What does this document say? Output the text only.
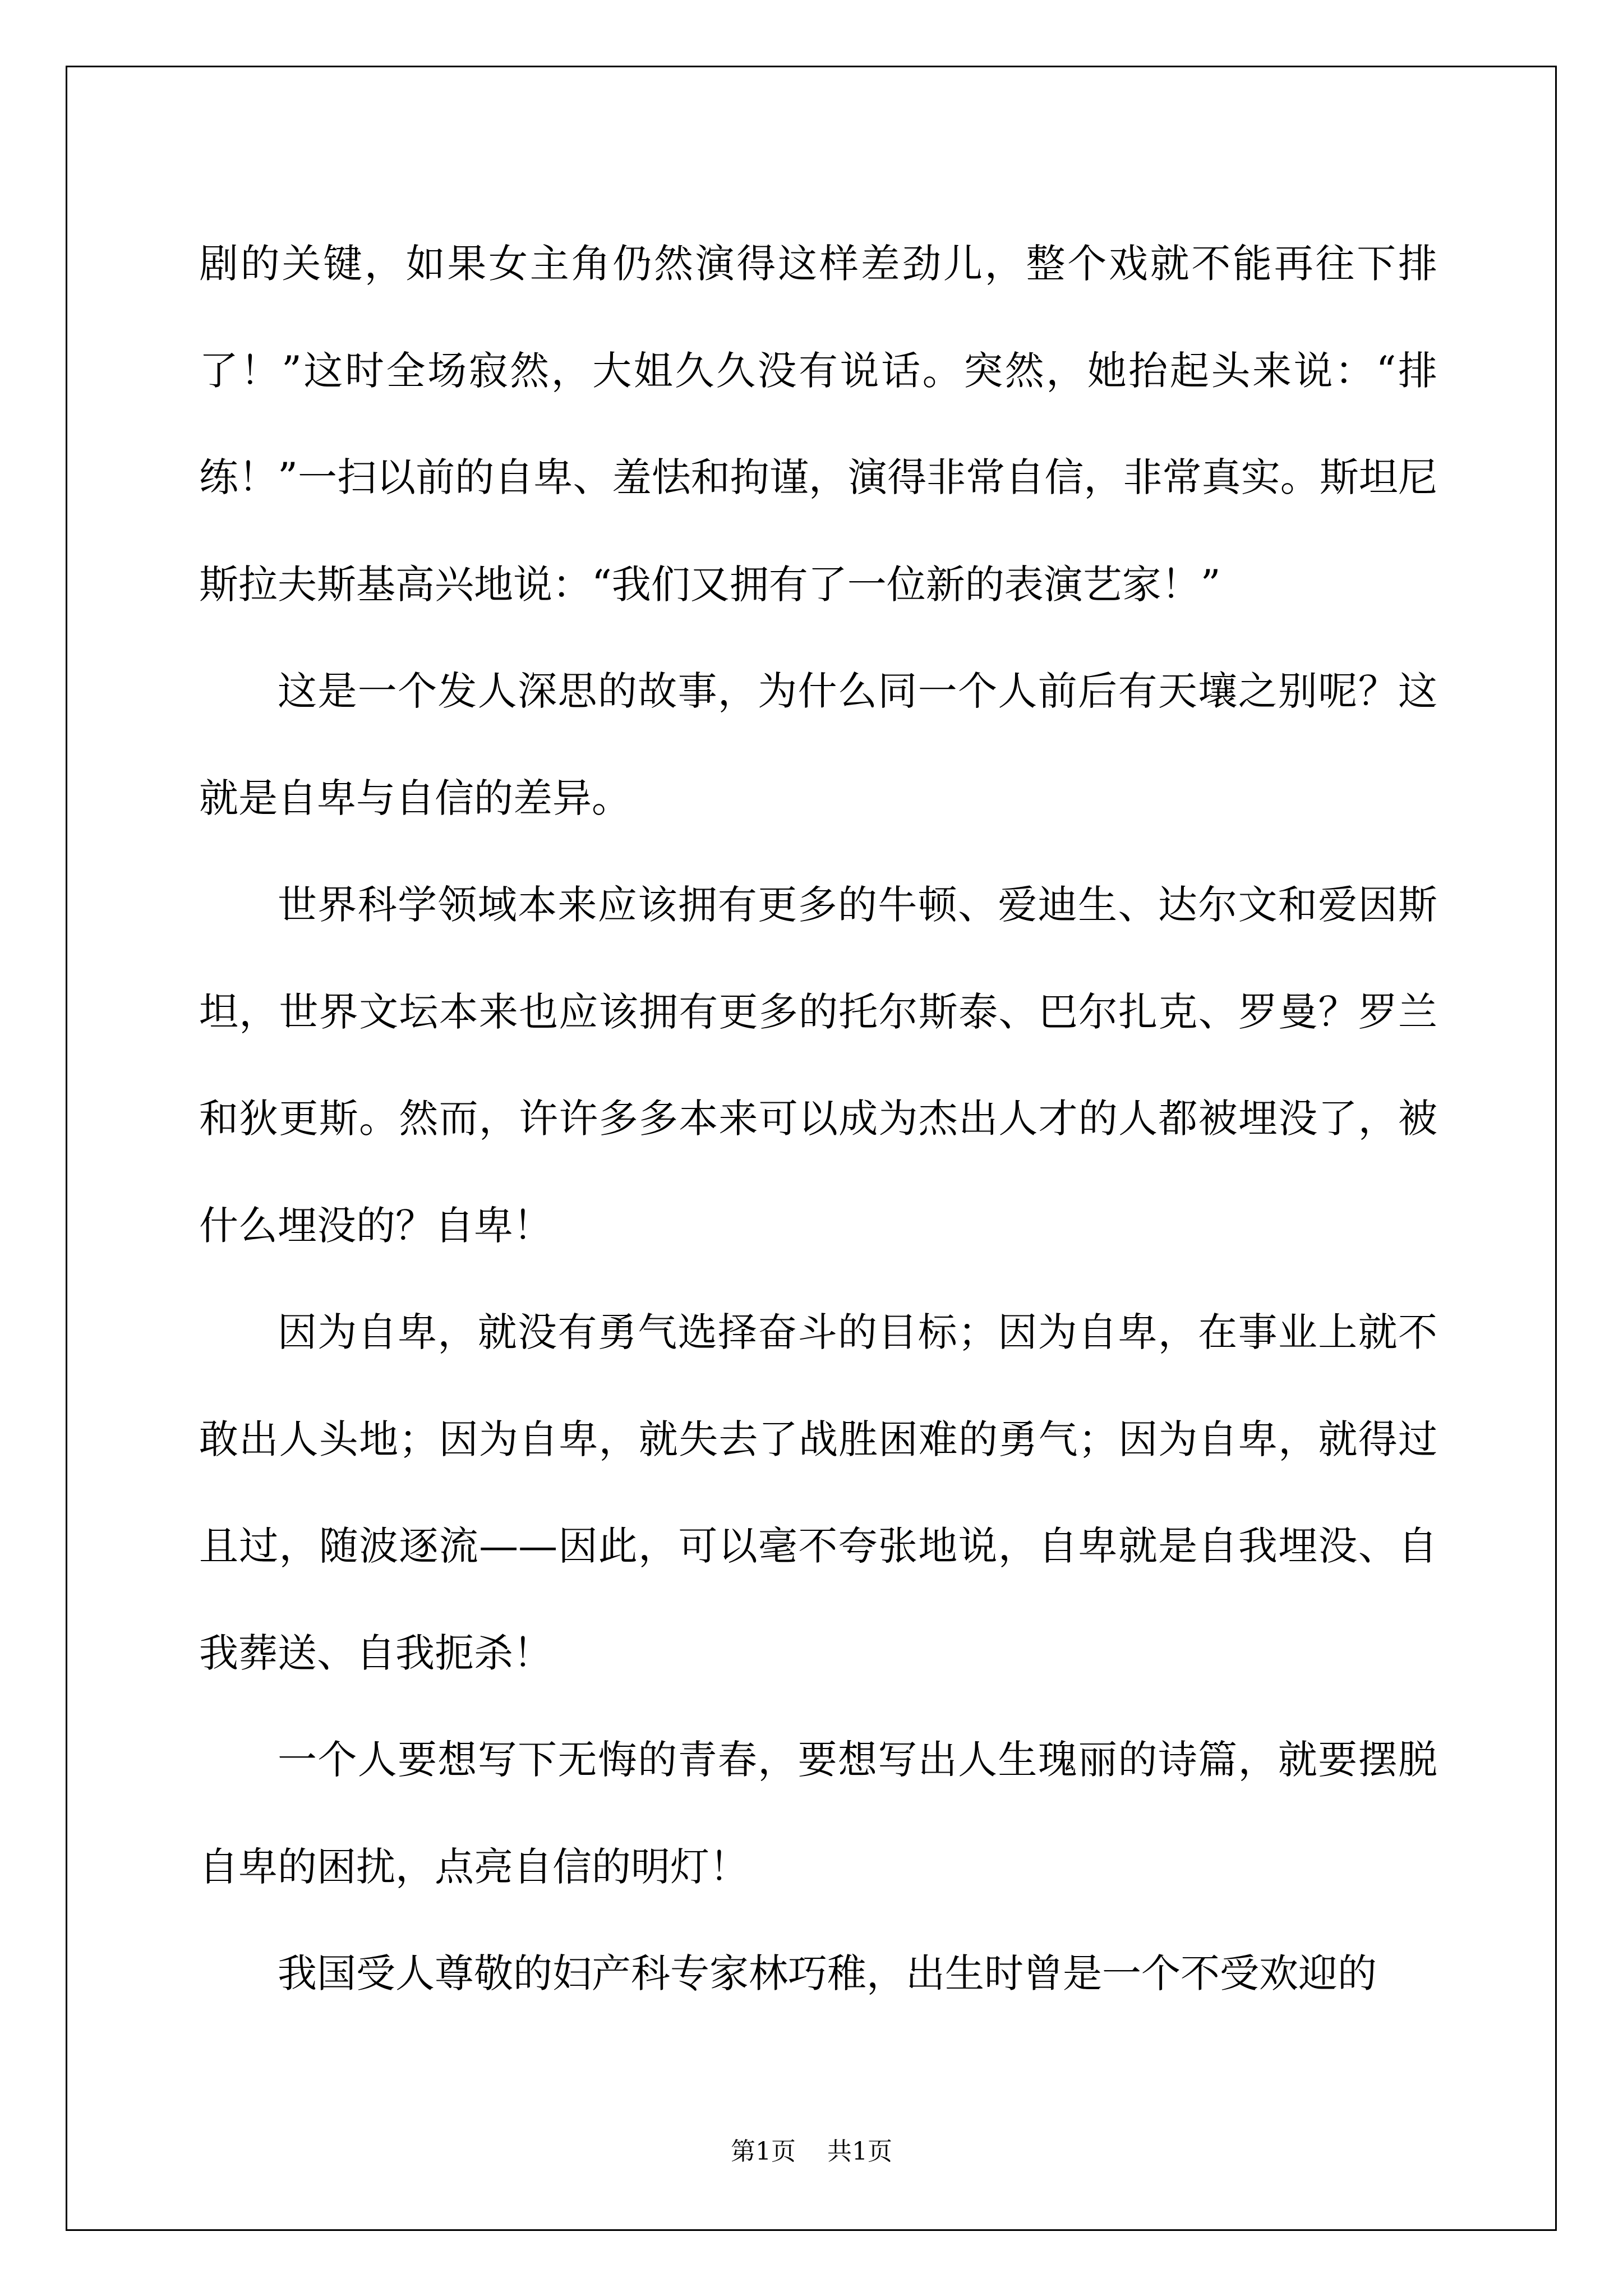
剧的关键，如果女主角仍然演得这样差劲儿，整个戏就不能再往下排了！”这时全场寂然，大姐久久没有说话。突然，她抬起头来说：“排练！”一扫以前的自卑、羞怯和拘谨，演得非常自信，非常真实。斯坦尼斯拉夫斯基高兴地说：“我们又拥有了一位新的表演艺家！”

这是一个发人深思的故事，为什么同一个人前后有天壤之别呢？这就是自卑与自信的差异。

世界科学领域本来应该拥有更多的牛顿、爱迪生、达尔文和爱因斯坦，世界文坛本来也应该拥有更多的托尔斯泰、巴尔扎克、罗曼？罗兰和狄更斯。然而，许许多多本来可以成为杰出人才的人都被埋没了，被什么埋没的？自卑！

因为自卑，就没有勇气选择奋斗的目标；因为自卑，在事业上就不敢出人头地；因为自卑，就失去了战胜困难的勇气；因为自卑，就得过且过，随波逐流——因此，可以毫不夸张地说，自卑就是自我埋没、自我葬送、自我扼杀！

一个人要想写下无悔的青春，要想写出人生瑰丽的诗篇，就要摆脱自卑的困扰，点亮自信的明灯！

我国受人尊敬的妇产科专家林巧稚，出生时曾是一个不受欢迎的

第1页 共1页
